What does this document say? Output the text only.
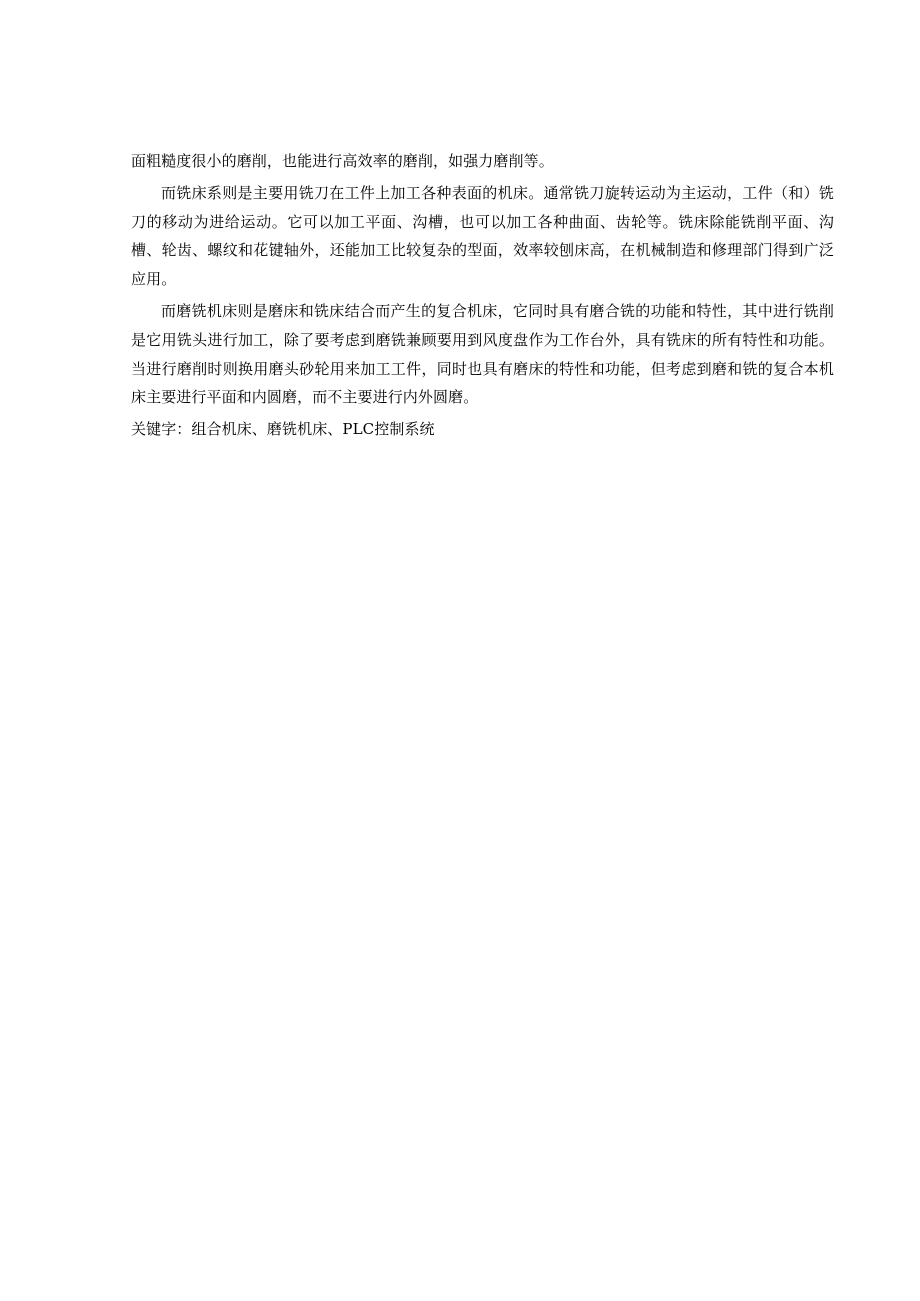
面粗糙度很小的磨削，也能进行高效率的磨削，如强力磨削等。

而铣床系则是主要用铣刀在工件上加工各种表面的机床。通常铣刀旋转运动为主运动，工件（和）铣刀的移动为进给运动。它可以加工平面、沟槽，也可以加工各种曲面、齿轮等。铣床除能铣削平面、沟槽、轮齿、螺纹和花键轴外，还能加工比较复杂的型面，效率较刨床高，在机械制造和修理部门得到广泛应用。

而磨铣机床则是磨床和铣床结合而产生的复合机床，它同时具有磨合铣的功能和特性，其中进行铣削是它用铣头进行加工，除了要考虑到磨铣兼顾要用到风度盘作为工作台外，具有铣床的所有特性和功能。当进行磨削时则换用磨头砂轮用来加工工件，同时也具有磨床的特性和功能，但考虑到磨和铣的复合本机床主要进行平面和内圆磨，而不主要进行内外圆磨。

关键字：组合机床、磨铣机床、PLC控制系统
